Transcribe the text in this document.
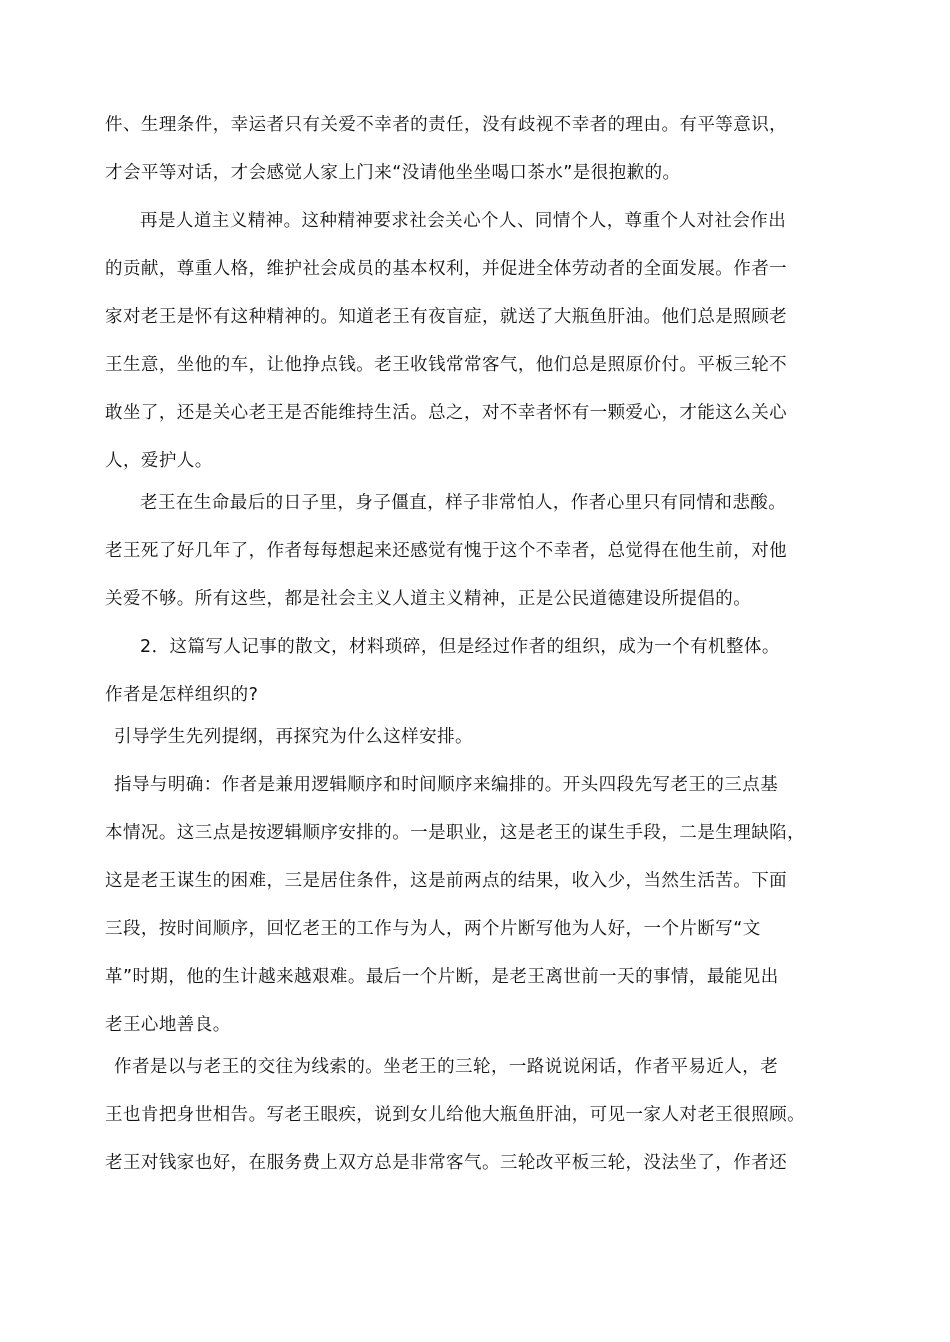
件、生理条件，幸运者只有关爱不幸者的责任，没有歧视不幸者的理由。有平等意识，
才会平等对话，才会感觉人家上门来“没请他坐坐喝口茶水”是很抱歉的。
再是人道主义精神。这种精神要求社会关心个人、同情个人，尊重个人对社会作出
的贡献，尊重人格，维护社会成员的基本权利，并促进全体劳动者的全面发展。作者一
家对老王是怀有这种精神的。知道老王有夜盲症，就送了大瓶鱼肝油。他们总是照顾老
王生意，坐他的车，让他挣点钱。老王收钱常常客气，他们总是照原价付。平板三轮不
敢坐了，还是关心老王是否能维持生活。总之，对不幸者怀有一颗爱心，才能这么关心
人，爱护人。
老王在生命最后的日子里，身子僵直，样子非常怕人，作者心里只有同情和悲酸。
老王死了好几年了，作者每每想起来还感觉有愧于这个不幸者，总觉得在他生前，对他
关爱不够。所有这些，都是社会主义人道主义精神，正是公民道德建设所提倡的。
2．这篇写人记事的散文，材料琐碎，但是经过作者的组织，成为一个有机整体。
作者是怎样组织的?
引导学生先列提纲，再探究为什么这样安排。
指导与明确：作者是兼用逻辑顺序和时间顺序来编排的。开头四段先写老王的三点基
本情况。这三点是按逻辑顺序安排的。一是职业，这是老王的谋生手段，二是生理缺陷，
这是老王谋生的困难，三是居住条件，这是前两点的结果，收入少，当然生活苦。下面
三段，按时间顺序，回忆老王的工作与为人，两个片断写他为人好，一个片断写“文
革”时期，他的生计越来越艰难。最后一个片断，是老王离世前一天的事情，最能见出
老王心地善良。
作者是以与老王的交往为线索的。坐老王的三轮，一路说说闲话，作者平易近人，老
王也肯把身世相告。写老王眼疾，说到女儿给他大瓶鱼肝油，可见一家人对老王很照顾。
老王对钱家也好，在服务费上双方总是非常客气。三轮改平板三轮，没法坐了，作者还
